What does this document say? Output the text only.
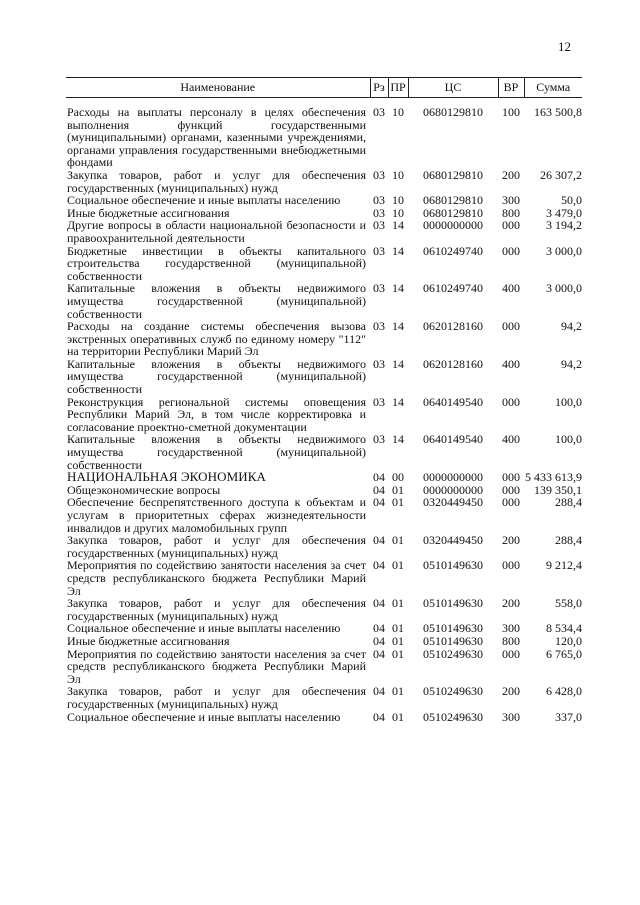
12
Наименование	Рз	ПР	ЦС	ВР	Сумма
Расходы на выплаты персоналу в целях обеспечения выполнения функций государственными (муниципальными) органами, казенными учреждениями, органами управления государственными внебюджетными фондами	03	10	0680129810	100	163 500,8
Закупка товаров, работ и услуг для обеспечения государственных (муниципальных) нужд	03	10	0680129810	200	26 307,2
Социальное обеспечение и иные выплаты населению	03	10	0680129810	300	50,0
Иные бюджетные ассигнования	03	10	0680129810	800	3 479,0
Другие вопросы в области национальной безопасности и правоохранительной деятельности	03	14	0000000000	000	3 194,2
Бюджетные инвестиции в объекты капитального строительства государственной (муниципальной) собственности	03	14	0610249740	000	3 000,0
Капитальные вложения в объекты недвижимого имущества государственной (муниципальной) собственности	03	14	0610249740	400	3 000,0
Расходы на создание системы обеспечения вызова экстренных оперативных служб по единому номеру "112" на территории Республики Марий Эл	03	14	0620128160	000	94,2
Капитальные вложения в объекты недвижимого имущества государственной (муниципальной) собственности	03	14	0620128160	400	94,2
Реконструкция региональной системы оповещения Республики Марий Эл, в том числе корректировка и согласование проектно-сметной документации	03	14	0640149540	000	100,0
Капитальные вложения в объекты недвижимого имущества государственной (муниципальной) собственности	03	14	0640149540	400	100,0
НАЦИОНАЛЬНАЯ ЭКОНОМИКА	04	00	0000000000	000	5 433 613,9
Общеэкономические вопросы	04	01	0000000000	000	139 350,1
Обеспечение беспрепятственного доступа к объектам и услугам в приоритетных сферах жизнедеятельности инвалидов и других маломобильных групп	04	01	0320449450	000	288,4
Закупка товаров, работ и услуг для обеспечения государственных (муниципальных) нужд	04	01	0320449450	200	288,4
Мероприятия по содействию занятости населения за счет средств республиканского бюджета Республики Марий Эл	04	01	0510149630	000	9 212,4
Закупка товаров, работ и услуг для обеспечения государственных (муниципальных) нужд	04	01	0510149630	200	558,0
Социальное обеспечение и иные выплаты населению	04	01	0510149630	300	8 534,4
Иные бюджетные ассигнования	04	01	0510149630	800	120,0
Мероприятия по содействию занятости населения за счет средств республиканского бюджета Республики Марий Эл	04	01	0510249630	000	6 765,0
Закупка товаров, работ и услуг для обеспечения государственных (муниципальных) нужд	04	01	0510249630	200	6 428,0
Социальное обеспечение и иные выплаты населению	04	01	0510249630	300	337,0
